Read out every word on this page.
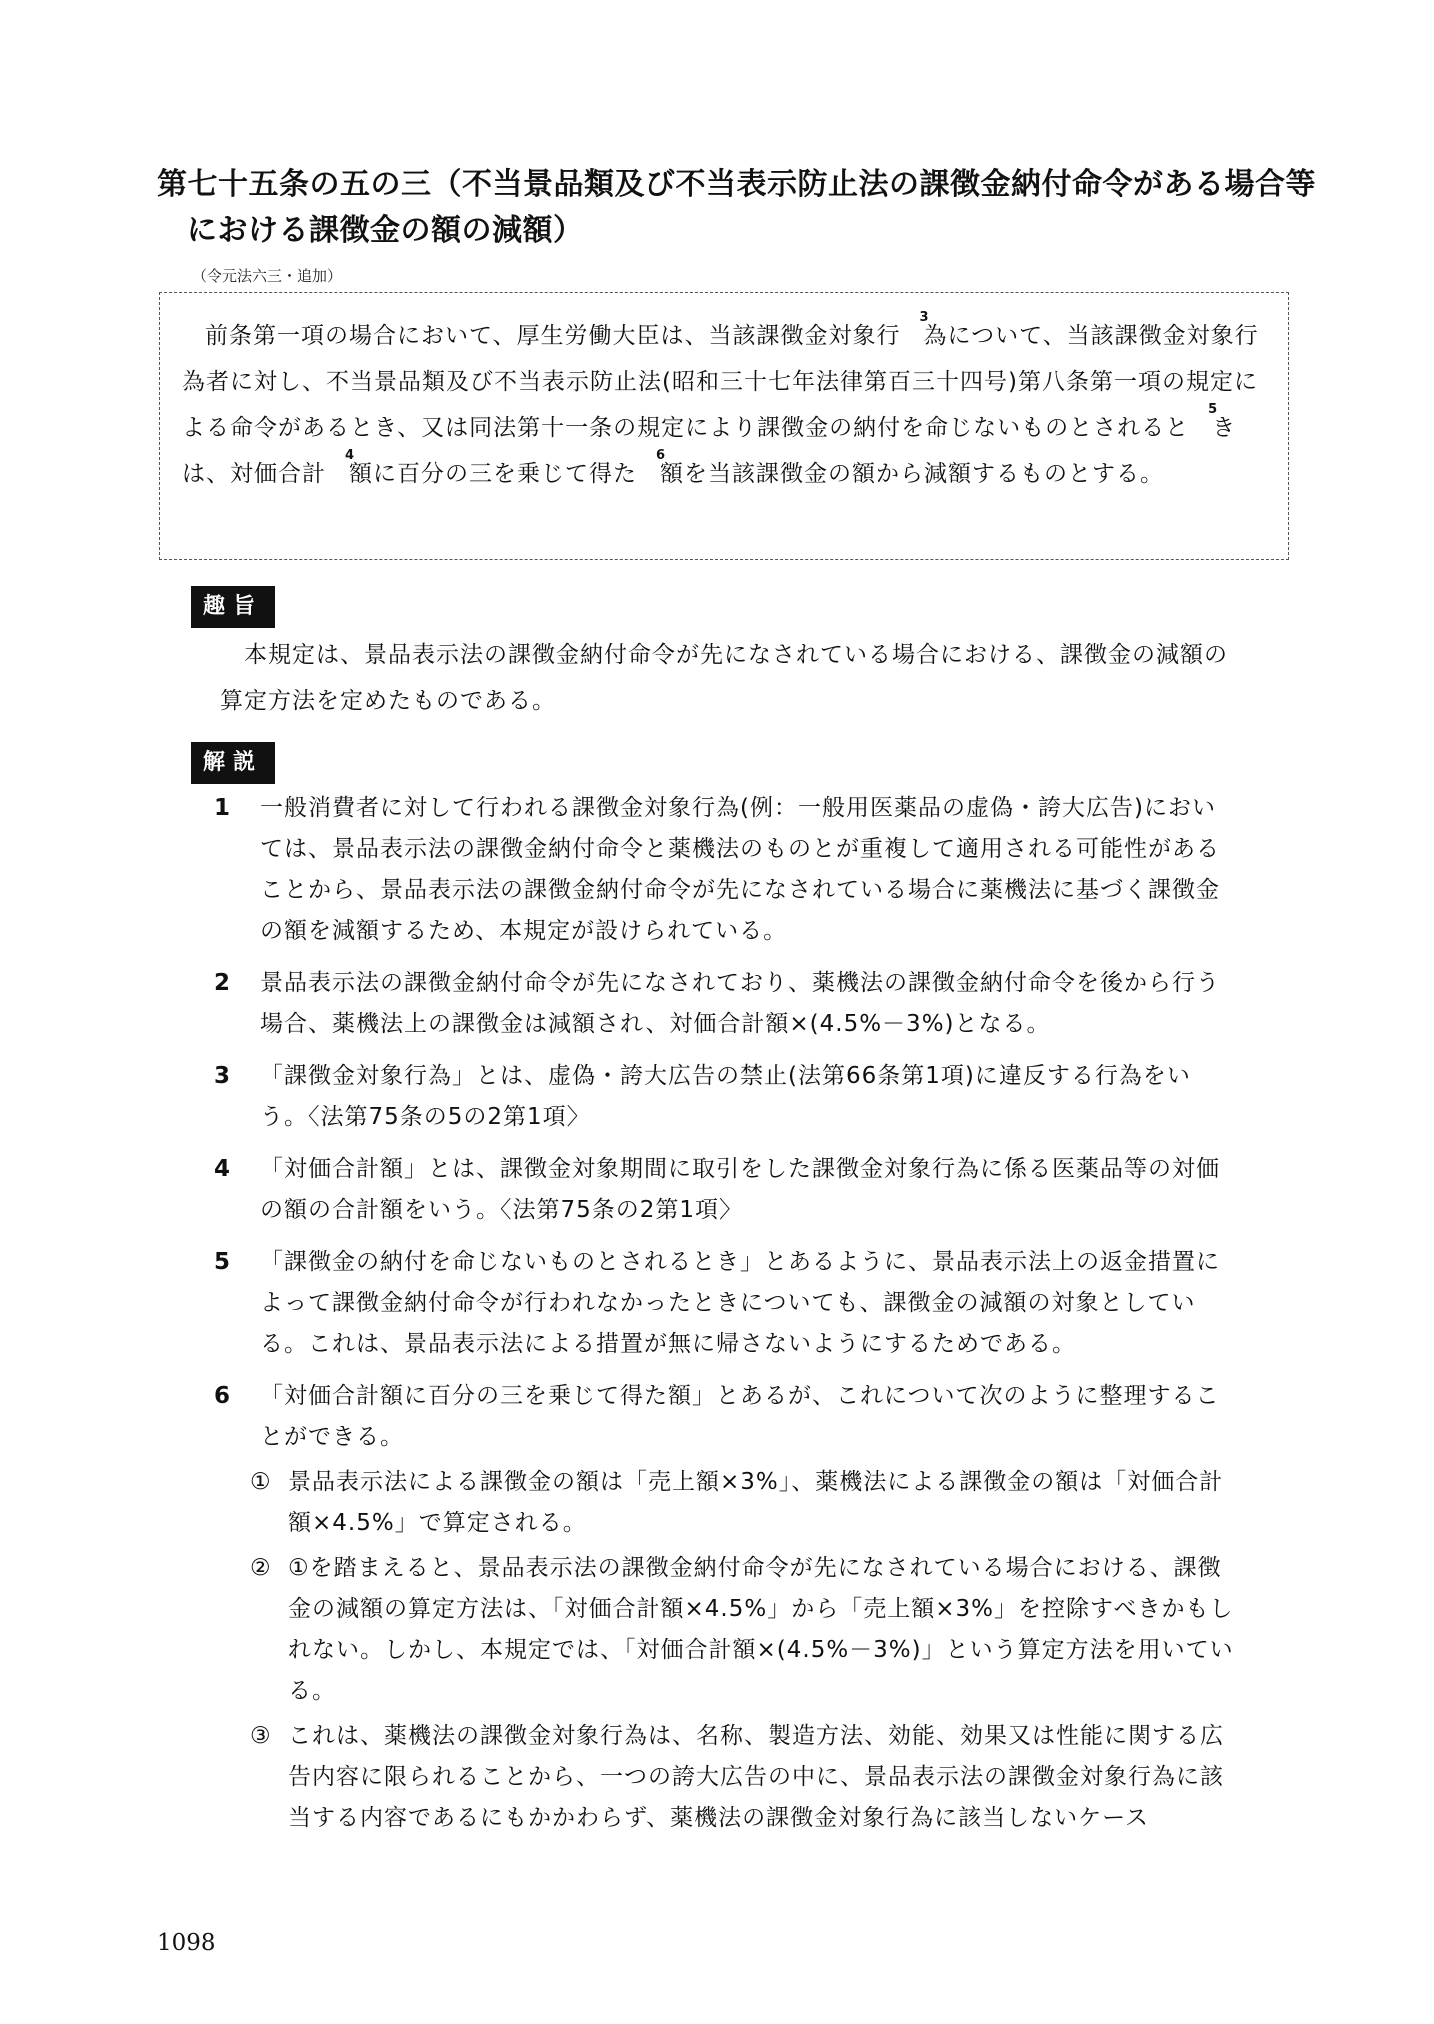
第七十五条の五の三（不当景品類及び不当表示防止法の課徴金納付命令がある場合等における課徴金の額の減額）
（令元法六三・追加）
前条第一項の場合において、厚生労働大臣は、当該課徴金対象行 為
3
について、当該課徴金対象行為者に対し、不当景品類及び不当表示防止法(昭和三十七年法律第百三十四号)第八条第一項の規定による命令があるとき、又は同法第十一条の規定により課徴金の納付を命じないものとされると き
5
は、対価合計 額
4
に百分の三を乗じて得た 額
6
を当該課徴金の額から減額するものとする。
趣旨
本規定は、景品表示法の課徴金納付命令が先になされている場合における、課徴金の減額の算定方法を定めたものである。
解説
1	一般消費者に対して行われる課徴金対象行為(例：一般用医薬品の虚偽・誇大広告)においては、景品表示法の課徴金納付命令と薬機法のものとが重複して適用される可能性があることから、景品表示法の課徴金納付命令が先になされている場合に薬機法に基づく課徴金の額を減額するため、本規定が設けられている。
2	景品表示法の課徴金納付命令が先になされており、薬機法の課徴金納付命令を後から行う場合、薬機法上の課徴金は減額され、対価合計額×(4.5%－3%)となる。
3	「課徴金対象行為」とは、虚偽・誇大広告の禁止(法第66条第1項)に違反する行為をいう。〈法第75条の5の2第1項〉
4	「対価合計額」とは、課徴金対象期間に取引をした課徴金対象行為に係る医薬品等の対価の額の合計額をいう。〈法第75条の2第1項〉
5	「課徴金の納付を命じないものとされるとき」とあるように、景品表示法上の返金措置によって課徴金納付命令が行われなかったときについても、課徴金の減額の対象としている。これは、景品表示法による措置が無に帰さないようにするためである。
6	「対価合計額に百分の三を乗じて得た額」とあるが、これについて次のように整理することができる。
① 景品表示法による課徴金の額は「売上額×3%」、薬機法による課徴金の額は「対価合計額×4.5%」で算定される。
② ①を踏まえると、景品表示法の課徴金納付命令が先になされている場合における、課徴金の減額の算定方法は、「対価合計額×4.5%」から「売上額×3%」を控除すべきかもしれない。しかし、本規定では、「対価合計額×(4.5%－3%)」という算定方法を用いている。
③ これは、薬機法の課徴金対象行為は、名称、製造方法、効能、効果又は性能に関する広告内容に限られることから、一つの誇大広告の中に、景品表示法の課徴金対象行為に該当する内容であるにもかかわらず、薬機法の課徴金対象行為に該当しないケース
1098
